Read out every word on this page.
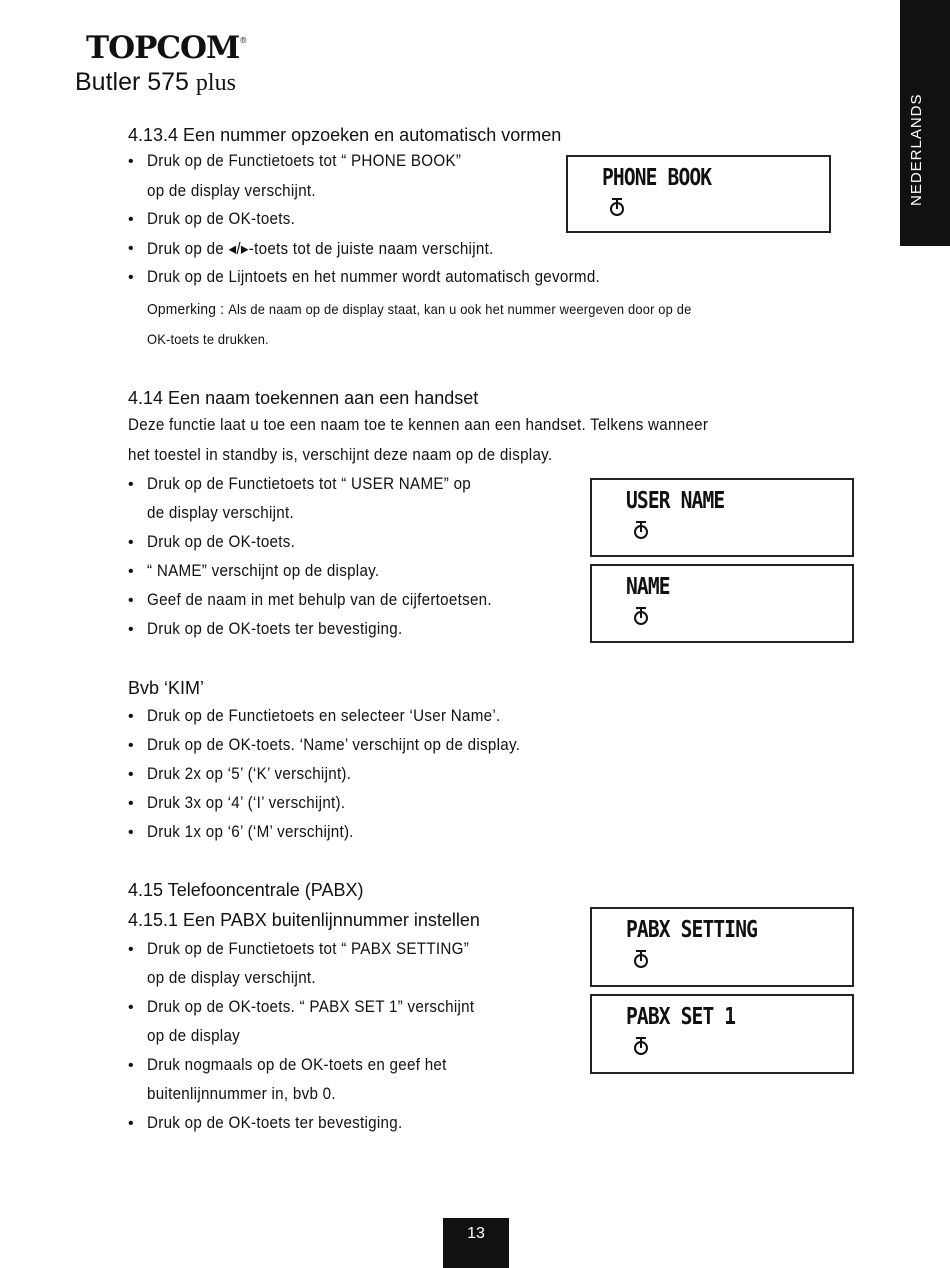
TOPCOM®
Butler 575 plus
NEDERLANDS
4.13.4 Een nummer opzoeken en automatisch vormen
• Druk op de Functietoets tot “ PHONE BOOK”
op de display verschijnt.
• Druk op de OK-toets.
• Druk op de ◂/▸-toets tot de juiste naam verschijnt.
• Druk op de Lijntoets en het nummer wordt automatisch gevormd.
Opmerking : Als de naam op de display staat, kan u ook het nummer weergeven door op de
OK-toets te drukken.
PHONE BOOK
4.14 Een naam toekennen aan een handset
Deze functie laat u toe een naam toe te kennen aan een handset. Telkens wanneer
het toestel in standby is, verschijnt deze naam op de display.
• Druk op de Functietoets tot “ USER NAME” op
de display verschijnt.
• Druk op de OK-toets.
• “ NAME” verschijnt op de display.
• Geef de naam in met behulp van de cijfertoetsen.
• Druk op de OK-toets ter bevestiging.
USER NAME
NAME
Bvb ‘KIM’
• Druk op de Functietoets en selecteer ‘User Name’.
• Druk op de OK-toets. ‘Name’ verschijnt op de display.
• Druk 2x op ‘5’ (‘K’ verschijnt).
• Druk 3x op ‘4’ (‘I’ verschijnt).
• Druk 1x op ‘6’ (‘M’ verschijnt).
4.15 Telefooncentrale (PABX)
4.15.1 Een PABX buitenlijnnummer instellen
• Druk op de Functietoets tot “ PABX SETTING”
op de display verschijnt.
• Druk op de OK-toets. “ PABX SET 1” verschijnt
op de display
• Druk nogmaals op de OK-toets en geef het
buitenlijnnummer in, bvb 0.
• Druk op de OK-toets ter bevestiging.
PABX SETTING
PABX SET 1
13
